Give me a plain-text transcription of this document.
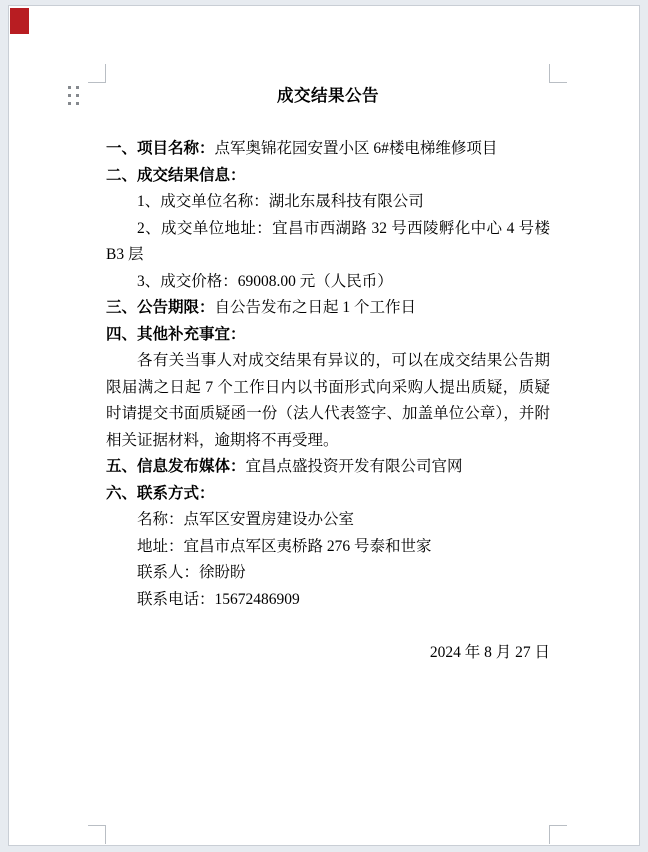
成交结果公告

一、项目名称：点军奥锦花园安置小区 6#楼电梯维修项目

二、成交结果信息：

1、成交单位名称：湖北东晟科技有限公司

2、成交单位地址：宜昌市西湖路 32 号西陵孵化中心 4 号楼 B3 层

3、成交价格：69008.00 元（人民币）

三、公告期限：自公告发布之日起 1 个工作日

四、其他补充事宜：

各有关当事人对成交结果有异议的，可以在成交结果公告期限届满之日起 7 个工作日内以书面形式向采购人提出质疑，质疑时请提交书面质疑函一份（法人代表签字、加盖单位公章），并附相关证据材料，逾期将不再受理。

五、信息发布媒体：宜昌点盛投资开发有限公司官网

六、联系方式：

名称：点军区安置房建设办公室

地址：宜昌市点军区夷桥路 276 号泰和世家

联系人：徐盼盼

联系电话：15672486909

2024 年 8 月 27 日
